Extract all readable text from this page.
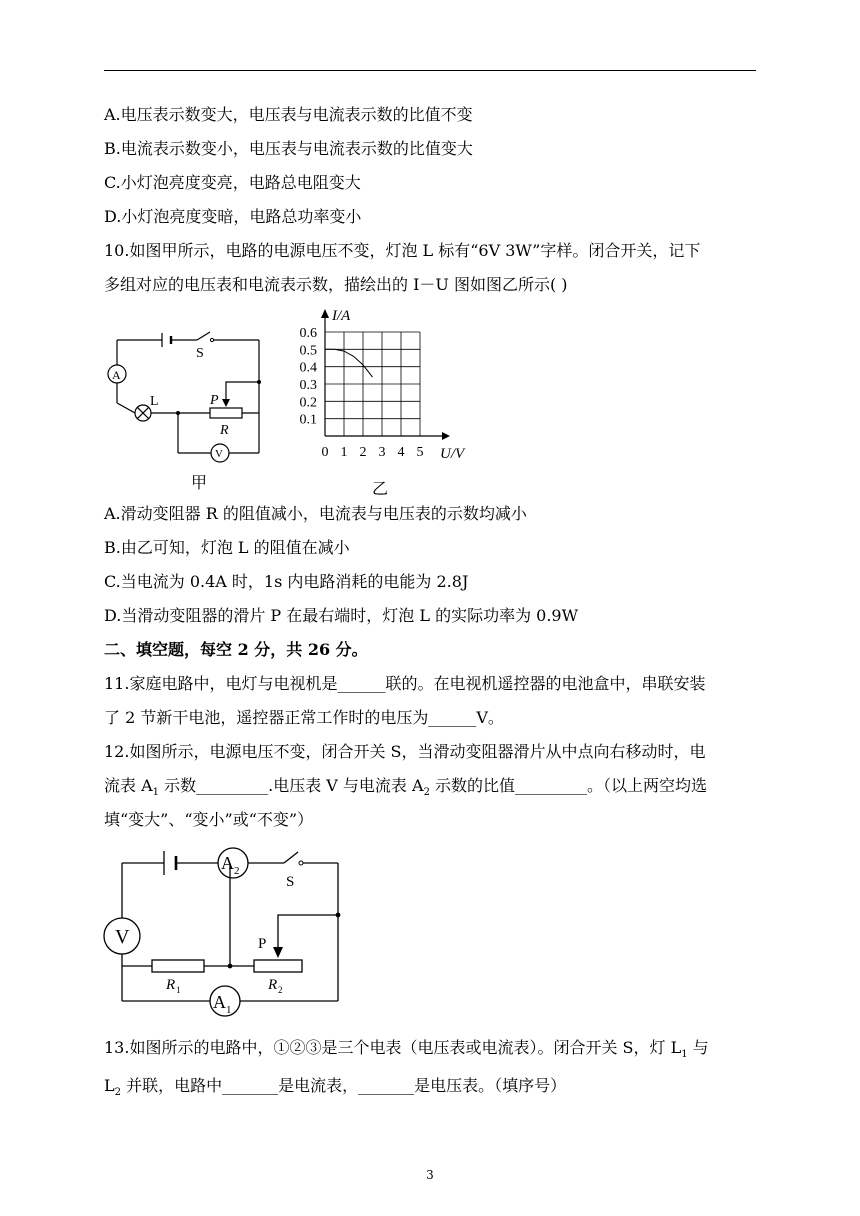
A.电压表示数变大，电压表与电流表示数的比值不变
B.电流表示数变小，电压表与电流表示数的比值变大
C.小灯泡亮度变亮，电路总电阻变大
D.小灯泡亮度变暗，电路总功率变小
10.如图甲所示，电路的电源电压不变，灯泡 L 标有“6V 3W”字样。闭合开关，记下
多组对应的电压表和电流表示数，描绘出的 I－U 图如图乙所示( )
S
A
L	P
R
V
甲
0.6
0.5
0.4
0.3
0.2
0.1
0 1 2 3 4 5
I/A
U/V
乙
A.滑动变阻器 R 的阻值减小，电流表与电压表的示数均减小
B.由乙可知，灯泡 L 的阻值在减小
C.当电流为 0.4A 时，1s 内电路消耗的电能为 2.8J
D.当滑动变阻器的滑片 P 在最右端时，灯泡 L 的实际功率为 0.9W
二、填空题，每空 2 分，共 26 分。
11.家庭电路中，电灯与电视机是______联的。在电视机遥控器的电池盒中，串联安装
了 2 节新干电池，遥控器正常工作时的电压为______V。
12.如图所示，电源电压不变，闭合开关 S，当滑动变阻器滑片从中点向右移动时，电
流表 $A_1$ 示数_________.电压表 V 与电流表 $A_2$ 示数的比值_________。（以上两空均选
填“变大”、“变小”或“不变”）
A 2
S
V	P
R 1	R 2
A 1
13.如图所示的电路中，①②③是三个电表（电压表或电流表）。闭合开关 S，灯 $L_1$ 与
$L_2$ 并联，电路中_______是电流表，_______是电压表。（填序号）
3
